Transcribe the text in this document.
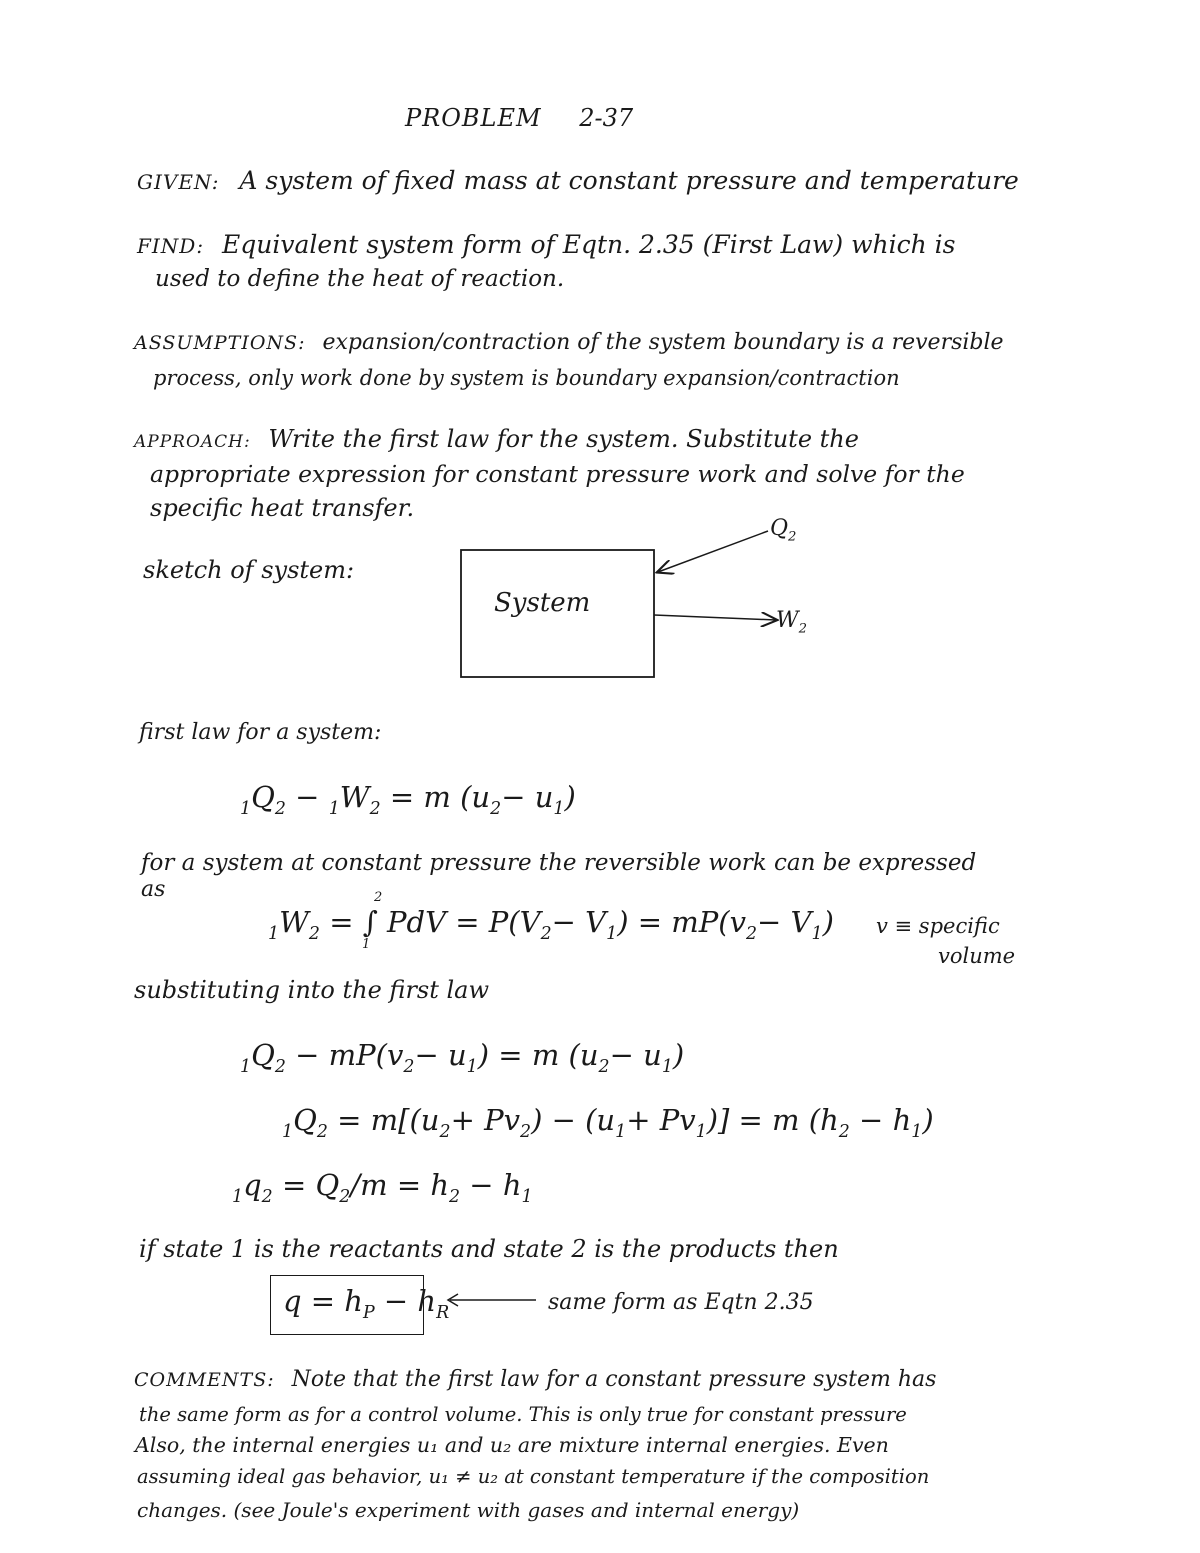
PROBLEM 2-37
GIVEN: A system of fixed mass at constant pressure and temperature
FIND: Equivalent system form of Eqtn. 2.35 (First Law) which is
used to define the heat of reaction.
ASSUMPTIONS: expansion/contraction of the system boundary is a reversible
process, only work done by system is boundary expansion/contraction
APPROACH: Write the first law for the system. Substitute the
appropriate expression for constant pressure work and solve for the
specific heat transfer.
sketch of system:
System
$Q_2$
$W_2$
first law for a system:
$_1Q_2 - _1W_2 = m$ $(u_2- u_1)$
for a system at constant pressure the reversible work can be expressed
as	2
1
$_1W_2$ = ∫ PdV = $P(V_2- V_1) = mP(v_2- V_1) v$ ≡ specific
volume
substituting into the first law
$_1Q_2 - mP(v_2- u_1) = m$ $(u_2- u_1)$
$_1Q_2 = m[(u_2+ Pv_2) - (u_1+ Pv_1)] = m$ $(h_2 - h_1)$
$_1q_2 = Q_2/m = h_2 - h_1$
if state 1 is the reactants and state 2 is the products then
$q = h_P - h_R$	same form as Eqtn 2.35
COMMENTS: Note that the first law for a constant pressure system has
the same form as for a control volume. This is only true for constant pressure
Also, the internal energies u₁ and u₂ are mixture internal energies. Even
assuming ideal gas behavior, u₁ ≠ u₂ at constant temperature if the composition
changes. (see Joule's experiment with gases and internal energy)
